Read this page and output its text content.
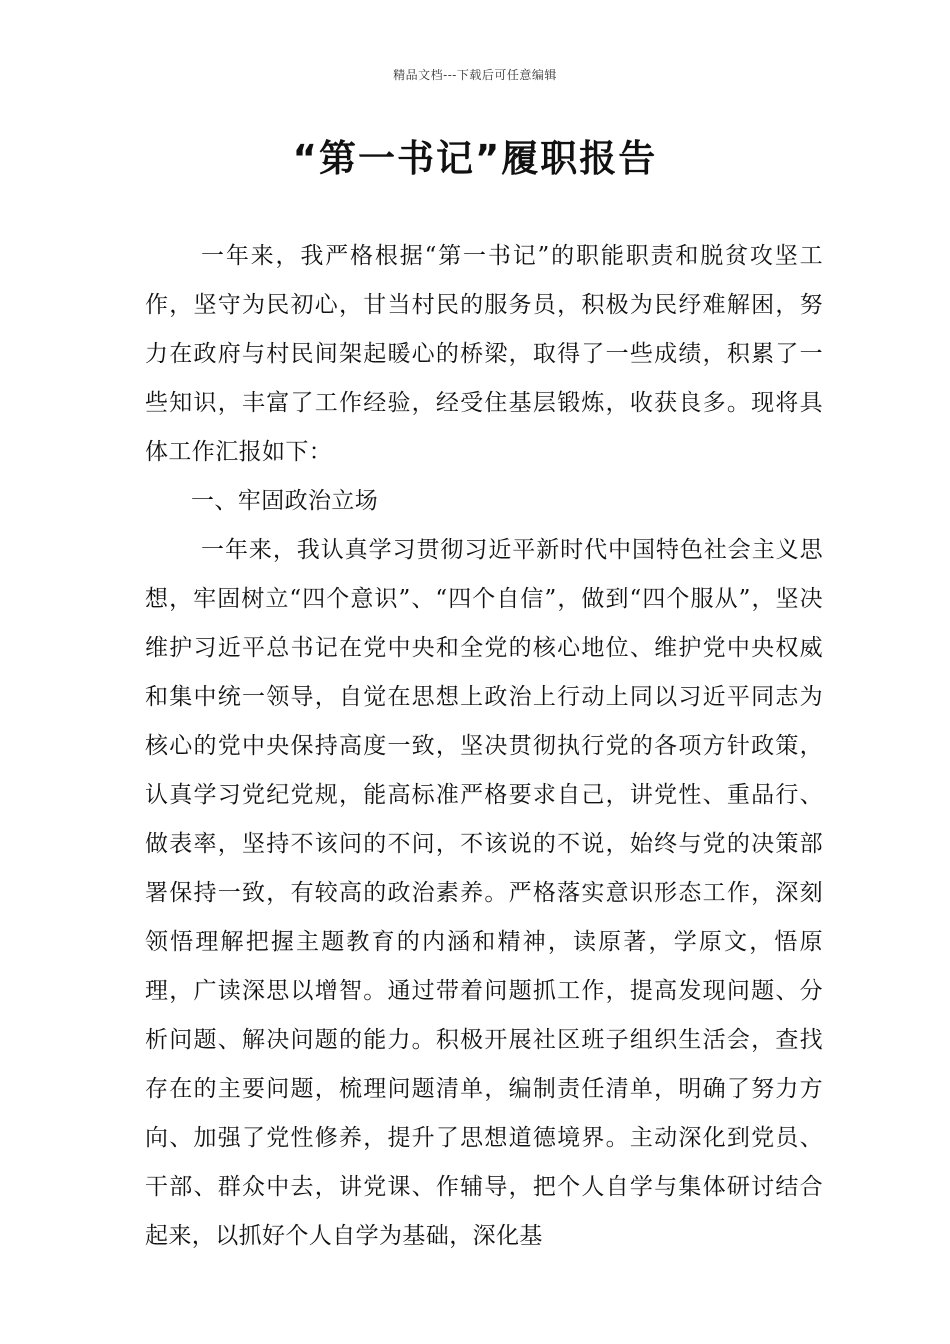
精品文档---下载后可任意编辑
“第一书记”履职报告

一年来，我严格根据“第一书记”的职能职责和脱贫攻坚工作，坚守为民初心，甘当村民的服务员，积极为民纾难解困，努力在政府与村民间架起暖心的桥梁，取得了一些成绩，积累了一些知识，丰富了工作经验，经受住基层锻炼，收获良多。现将具体工作汇报如下：

一、牢固政治立场

一年来，我认真学习贯彻习近平新时代中国特色社会主义思想，牢固树立“四个意识”、“四个自信”，做到“四个服从”，坚决维护习近平总书记在党中央和全党的核心地位、维护党中央权威和集中统一领导，自觉在思想上政治上行动上同以习近平同志为核心的党中央保持高度一致，坚决贯彻执行党的各项方针政策，认真学习党纪党规，能高标准严格要求自己，讲党性、重品行、做表率，坚持不该问的不问，不该说的不说，始终与党的决策部署保持一致，有较高的政治素养。严格落实意识形态工作，深刻领悟理解把握主题教育的内涵和精神，读原著，学原文，悟原理，广读深思以增智。通过带着问题抓工作，提高发现问题、分析问题、解决问题的能力。积极开展社区班子组织生活会，查找存在的主要问题，梳理问题清单，编制责任清单，明确了努力方向、加强了党性修养，提升了思想道德境界。主动深化到党员、干部、群众中去，讲党课、作辅导，把个人自学与集体研讨结合起来，以抓好个人自学为基础，深化基
